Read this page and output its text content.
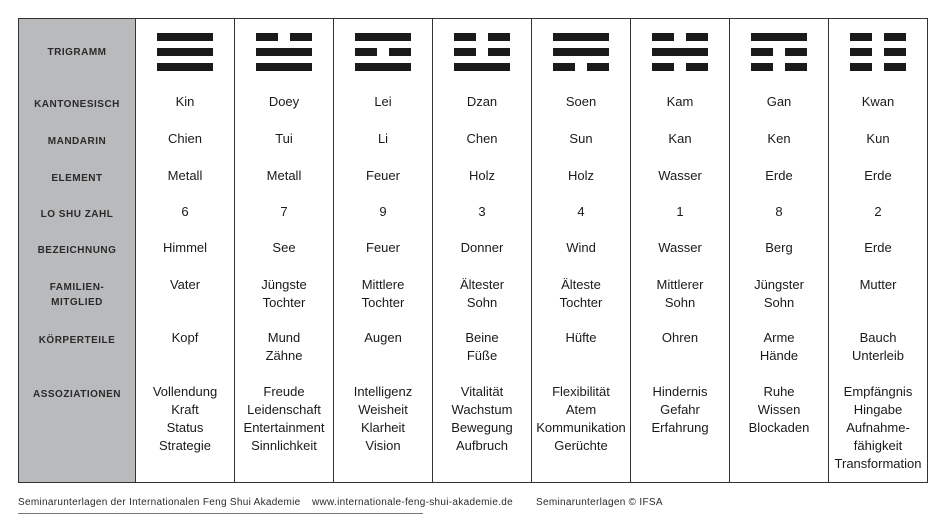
TRIGRAMM
KANTONESISCH
MANDARIN
ELEMENT
LO SHU ZAHL
BEZEICHNUNG
FAMILIEN-
MITGLIED
KÖRPERTEILE
ASSOZIATIONEN
Kin
Chien
Metall
6
Himmel
Vater
Kopf
Vollendung
Kraft
Status
Strategie
Doey
Tui
Metall
7
See
Jüngste
Tochter
Mund
Zähne
Freude
Leidenschaft
Entertainment
Sinnlichkeit
Lei
Li
Feuer
9
Feuer
Mittlere
Tochter
Augen
Intelligenz
Weisheit
Klarheit
Vision
Dzan
Chen
Holz
3
Donner
Ältester
Sohn
Beine
Füße
Vitalität
Wachstum
Bewegung
Aufbruch
Soen
Sun
Holz
4
Wind
Älteste
Tochter
Hüfte
Flexibilität
Atem
Kommunikation
Gerüchte
Kam
Kan
Wasser
1
Wasser
Mittlerer
Sohn
Ohren
Hindernis
Gefahr
Erfahrung
Gan
Ken
Erde
8
Berg
Jüngster
Sohn
Arme
Hände
Ruhe
Wissen
Blockaden
Kwan
Kun
Erde
2
Erde
Mutter
Bauch
Unterleib
Empfängnis
Hingabe
Aufnahme-
fähigkeit
Transformation
Seminarunterlagen der Internationalen Feng Shui Akademie www.internationale-feng-shui-akademie.de Seminarunterlagen © IFSA
